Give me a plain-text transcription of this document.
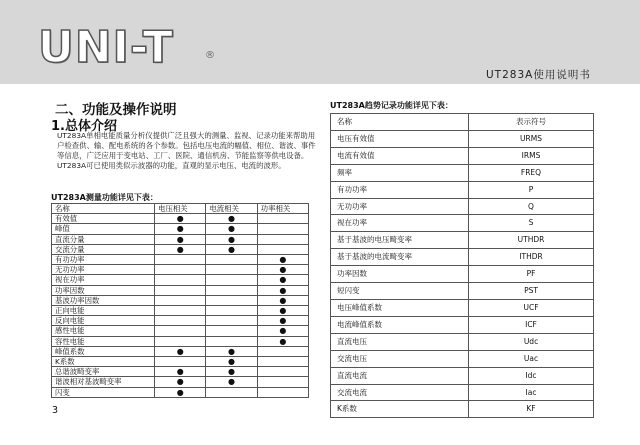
UNI-T	®
UT283A使用说明书
二、功能及操作说明
1.总体介绍
UT283A单相电能质量分析仪提供广泛且强大的测量、监视、记录功能来帮助用户检查供、输、配电系统的各个参数。包括电压电流的幅值、相位、谐波、事件等信息，广泛应用于变电站、工厂、医院、通信机房、节能监察等供电设备。UT283A可已使用类似示波器的功能，直观的显示电压、电流的波形。
UT283A测量功能详见下表：
名称	电压相关	电流相关	功率相关
有效值	●	●	
峰值	●	●	
直流分量	●	●	
交流分量	●	●	
有功功率			●
无功功率			●
视在功率			●
功率因数			●
基波功率因数			●
正向电能			●
反向电能			●
感性电能			●
容性电能			●
峰值系数	●	●	
K系数		●	
总谐波畸变率	●	●	
谐波相对基波畸变率	●	●	
闪变	●		
UT283A趋势记录功能详见下表：
名称	表示符号
电压有效值	URMS
电流有效值	IRMS
频率	FREQ
有功功率	P
无功功率	Q
视在功率	S
基于基波的电压畸变率	UTHDR
基于基波的电流畸变率	ITHDR
功率因数	PF
短闪变	PST
电压峰值系数	UCF
电流峰值系数	ICF
直流电压	Udc
交流电压	Uac
直流电流	Idc
交流电流	Iac
K系数	KF
3
